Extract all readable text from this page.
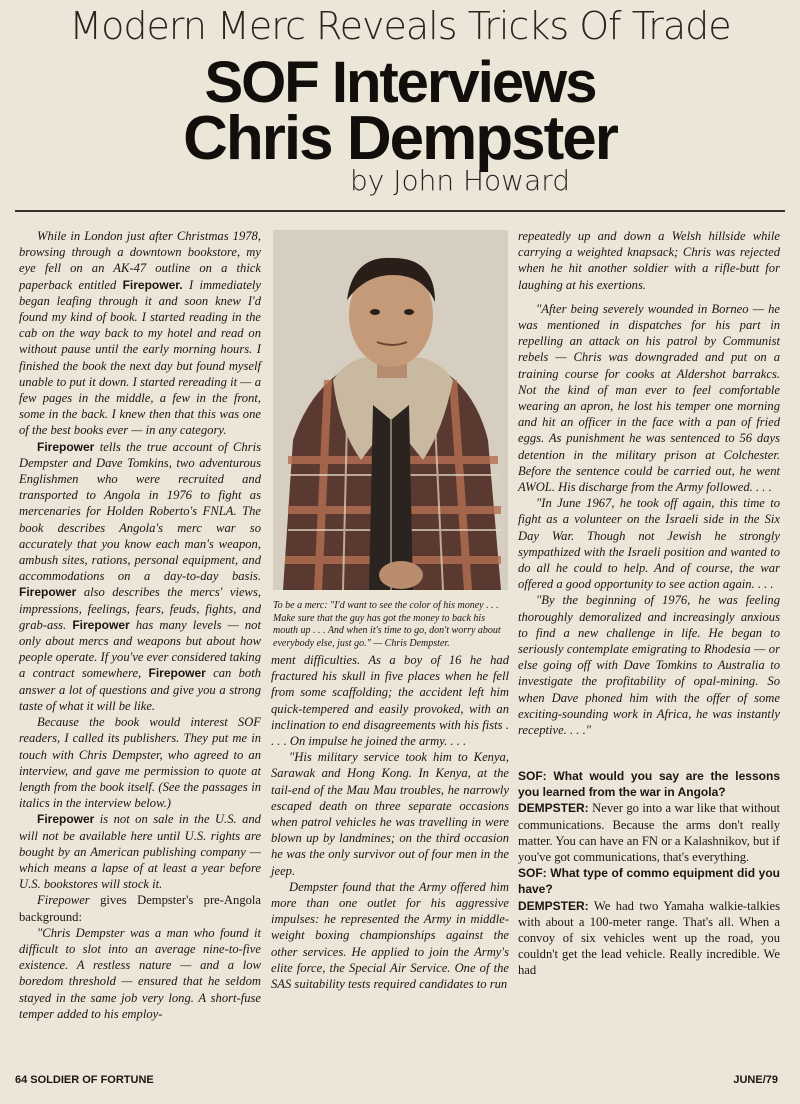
Modern Merc Reveals Tricks Of Trade
SOF Interviews
Chris Dempster
by John Howard

While in London just after Christmas 1978, browsing through a downtown bookstore, my eye fell on an AK-47 outline on a thick paperback entitled Firepower. I immediately began leafing through it and soon knew I'd found my kind of book. I started reading in the cab on the way back to my hotel and read on without pause until the early morning hours. I finished the book the next day but found myself unable to put it down. I started rereading it — a few pages in the middle, a few in the front, some in the back. I knew then that this was one of the best books ever — in any category.

Firepower tells the true account of Chris Dempster and Dave Tomkins, two adventurous Englishmen who were recruited and transported to Angola in 1976 to fight as mercenaries for Holden Roberto's FNLA. The book describes Angola's merc war so accurately that you know each man's weapon, ambush sites, rations, personal equipment, and accommodations on a day-to-day basis. Firepower also describes the mercs' views, impressions, feelings, fears, feuds, fights, and grab-ass. Firepower has many levels — not only about mercs and weapons but about how people operate. If you've ever considered taking a contract somewhere, Firepower can both answer a lot of questions and give you a strong taste of what it will be like.

Because the book would interest SOF readers, I called its publishers. They put me in touch with Chris Dempster, who agreed to an interview, and gave me permission to quote at length from the book itself. (See the passages in italics in the interview below.)

Firepower is not on sale in the U.S. and will not be available here until U.S. rights are bought by an American publishing company — which means a lapse of at least a year before U.S. bookstores will stock it.

Firepower gives Dempster's pre-Angola background:

"Chris Dempster was a man who found it difficult to slot into an average nine-to-five existence. A restless nature — and a low boredom threshold — ensured that he seldom stayed in the same job very long. A short-fuse temper added to his employ-

To be a merc: "I'd want to see the color of his money . . . Make sure that the guy has got the money to back his mouth up . . . And when it's time to go, don't worry about everybody else, just go." — Chris Dempster.

ment difficulties. As a boy of 16 he had fractured his skull in five places when he fell from some scaffolding; the accident left him quick-tempered and easily provoked, with an inclination to end disagreements with his fists . . . . On impulse he joined the army. . . .

"His military service took him to Kenya, Sarawak and Hong Kong. In Kenya, at the tail-end of the Mau Mau troubles, he narrowly escaped death on three separate occasions when patrol vehicles he was travelling in were blown up by landmines; on the third occasion he was the only survivor out of four men in the jeep.

Dempster found that the Army offered him more than one outlet for his aggressive impulses: he represented the Army in middle-weight boxing championships against the other services. He applied to join the Army's elite force, the Special Air Service. One of the SAS suitability tests required candidates to run

repeatedly up and down a Welsh hillside while carrying a weighted knapsack; Chris was rejected when he hit another soldier with a rifle-butt for laughing at his exertions.

"After being severely wounded in Borneo — he was mentioned in dispatches for his part in repelling an attack on his patrol by Communist rebels — Chris was downgraded and put on a training course for cooks at Aldershot barrakcs. Not the kind of man ever to feel comfortable wearing an apron, he lost his temper one morning and hit an officer in the face with a pan of fried eggs. As punishment he was sentenced to 56 days detention in the military prison at Colchester. Before the sentence could be carried out, he went AWOL. His discharge from the Army followed. . . .

"In June 1967, he took off again, this time to fight as a volunteer on the Israeli side in the Six Day War. Though not Jewish he strongly sympathized with the Israeli position and wanted to do all he could to help. And of course, the war offered a good opportunity to see action again. . . .

"By the beginning of 1976, he was feeling thoroughly demoralized and increasingly anxious to find a new challenge in life. He began to seriously contemplate emigrating to Rhodesia — or else going off with Dave Tomkins to Australia to investigate the profitability of opal-mining. So when Dave phoned him with the offer of some exciting-sounding work in Africa, he was instantly receptive. . . ."

SOF: What would you say are the lessons you learned from the war in Angola?

DEMPSTER: Never go into a war like that without communications. Because the arms don't really matter. You can have an FN or a Kalashnikov, but if you've got communications, that's everything.

SOF: What type of commo equipment did you have?

DEMPSTER: We had two Yamaha walkie-talkies with about a 100-meter range. That's all. When a convoy of six vehicles went up the road, you couldn't get the lead vehicle. Really incredible. We had

64 SOLDIER OF FORTUNE	JUNE/79
